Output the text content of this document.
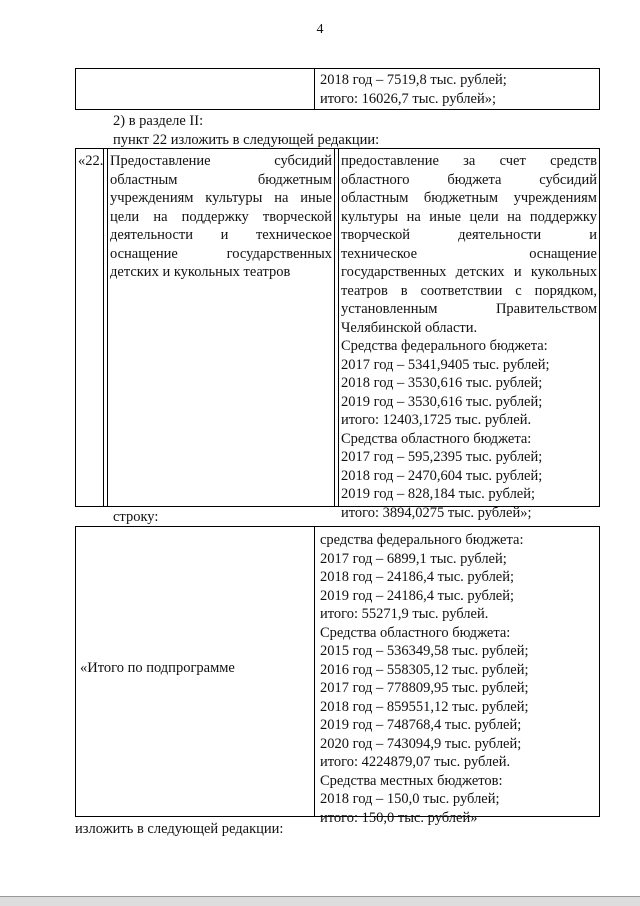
4
2018 год – 7519,8 тыс. рублей;
итого: 16026,7 тыс. рублей»;
2) в разделе II:
пункт 22 изложить в следующей редакции:
«22. Предоставление субсидий
областным бюджетным
учреждениям культуры на иные
цели на поддержку творческой
деятельности и техническое
оснащение государственных
детских и кукольных театров
предоставление за счет средств
областного бюджета субсидий
областным бюджетным учреждениям
культуры на иные цели на поддержку
творческой деятельности и
техническое оснащение
государственных детских и кукольных
театров в соответствии с порядком,
установленным Правительством
Челябинской области.
Средства федерального бюджета:
2017 год – 5341,9405 тыс. рублей;
2018 год – 3530,616 тыс. рублей;
2019 год – 3530,616 тыс. рублей;
итого: 12403,1725 тыс. рублей.
Средства областного бюджета:
2017 год – 595,2395 тыс. рублей;
2018 год – 2470,604 тыс. рублей;
2019 год – 828,184 тыс. рублей;
итого: 3894,0275 тыс. рублей»;
строку:
«Итого по подпрограмме
средства федерального бюджета:
2017 год – 6899,1 тыс. рублей;
2018 год – 24186,4 тыс. рублей;
2019 год – 24186,4 тыс. рублей;
итого: 55271,9 тыс. рублей.
Средства областного бюджета:
2015 год – 536349,58 тыс. рублей;
2016 год – 558305,12 тыс. рублей;
2017 год – 778809,95 тыс. рублей;
2018 год – 859551,12 тыс. рублей;
2019 год – 748768,4 тыс. рублей;
2020 год – 743094,9 тыс. рублей;
итого: 4224879,07 тыс. рублей.
Средства местных бюджетов:
2018 год – 150,0 тыс. рублей;
итого: 150,0 тыс. рублей»
изложить в следующей редакции:
